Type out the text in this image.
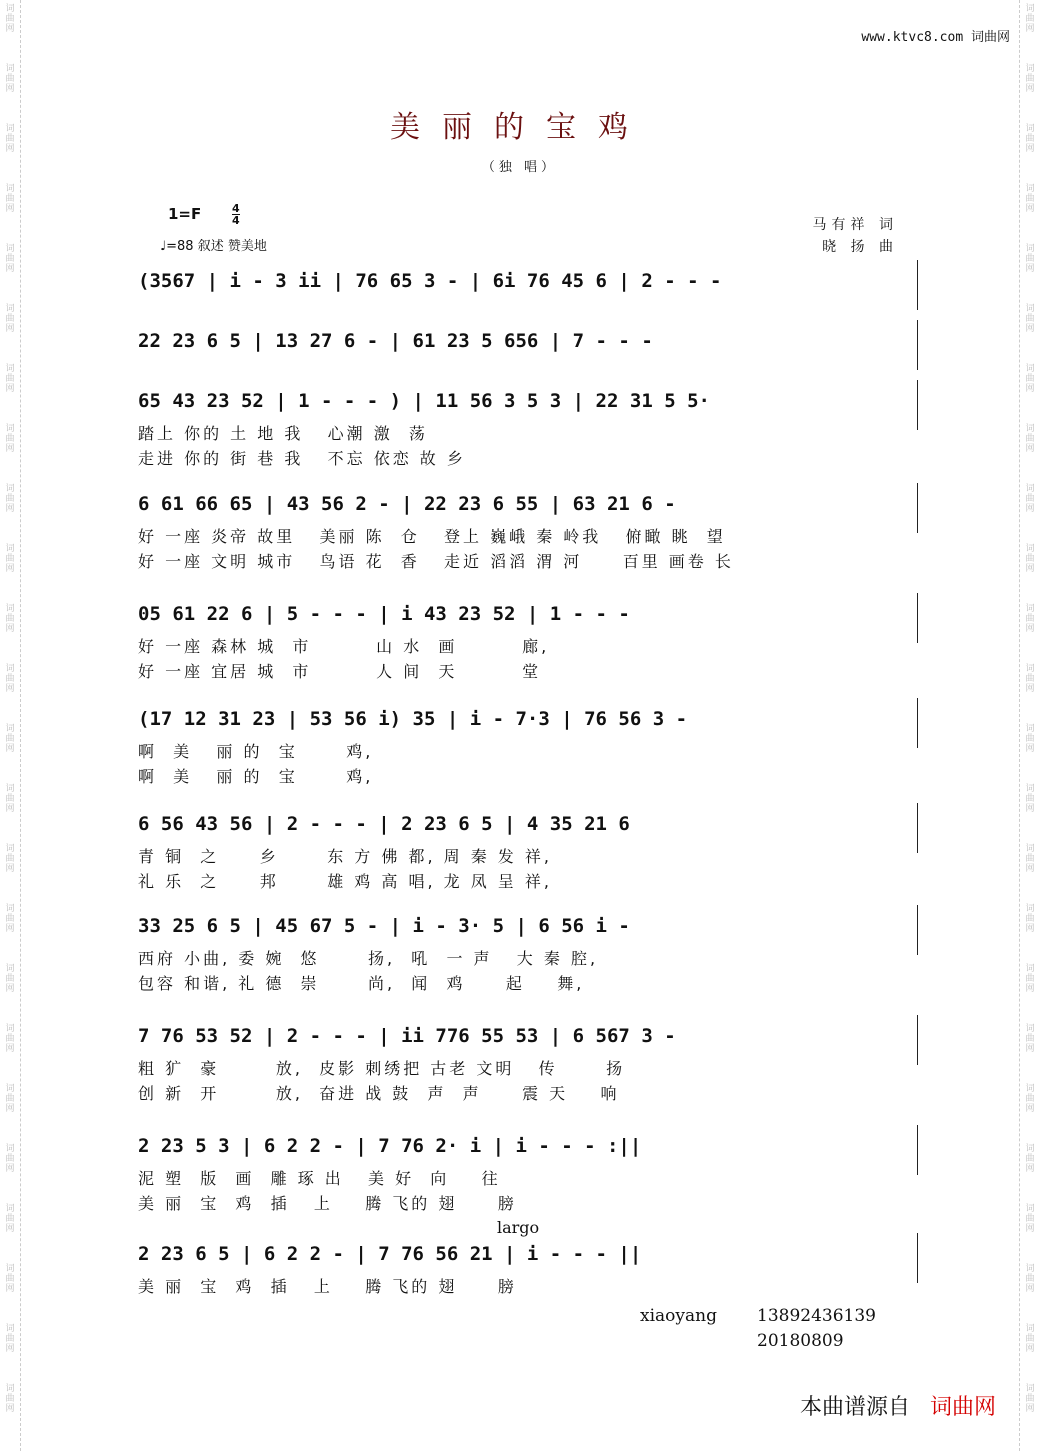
www.ktvc8.com 词曲网
美丽的宝鸡
（独 唱）
1=F	4
4
♩=88 叙述 赞美地
马有祥 词
晓 扬 曲
(3567 | i - 3 ii | 76 65 3 - | 6i 76 45 6 | 2 - - -
22 23 6 5 | 13 27 6 - | 61 23 5 656 | 7 - - -
65 43 23 52 | 1 - - - ) | 11 56 3 5 3 | 22 31 5 5·
踏上 你的 土 地 我   心潮 激  荡
走进 你的 街 巷 我   不忘 依恋 故 乡
6 61 66 65 | 43 56 2 - | 22 23 6 55 | 63 21 6 -
好 一座 炎帝 故里   美丽 陈  仓   登上 巍峨 秦 岭我   俯瞰 眺  望
好 一座 文明 城市   鸟语 花  香   走近 滔滔 渭 河     百里 画卷 长
05 61 22 6 | 5 - - - | i 43 23 52 | 1 - - -
好 一座 森林 城  市        山 水  画        廊,
好 一座 宜居 城  市        人 间  天        堂
(17 12 31 23 | 53 56 i) 35 | i - 7·3 | 76 56 3 -
啊  美   丽 的  宝      鸡,
啊  美   丽 的  宝      鸡,
6 56 43 56 | 2 - - - | 2 23 6 5 | 4 35 21 6
青 铜  之     乡      东 方 佛 都, 周 秦 发 祥,
礼 乐  之     邦      雄 鸡 高 唱, 龙 凤 呈 祥,
33 25 6 5 | 45 67 5 - | i - 3· 5 | 6 56 i -
西府 小曲, 委 婉  悠      扬,  吼  一 声   大 秦 腔,
包容 和谐, 礼 德  崇      尚,  闻  鸡     起    舞,
7 76 53 52 | 2 - - - | ii 776 55 53 | 6 567 3 -
粗 犷  豪       放,  皮影 刺绣把 古老 文明   传      扬
创 新  开       放,  奋进 战 鼓  声  声     震 天    响
2 23 5 3 | 6 2 2 - | 7 76 2· i | i - - - :||
泥 塑  版  画  雕 琢 出   美 好  向    往
美 丽  宝  鸡  插   上    腾 飞的 翅     膀
2 23 6 5 | 6 2 2 - | 7 76 56 21 | i - - - ||
美 丽  宝  鸡  插   上    腾 飞的 翅     膀
largo
xiaoyang 13892436139
20180809
本曲谱源自 词曲网
词曲网
词曲网
词曲网
词曲网
词曲网
词曲网
词曲网
词曲网
词曲网
词曲网
词曲网
词曲网
词曲网
词曲网
词曲网
词曲网
词曲网
词曲网
词曲网
词曲网
词曲网
词曲网
词曲网
词曲网
词曲网
词曲网
词曲网
词曲网
词曲网
词曲网
词曲网
词曲网
词曲网
词曲网
词曲网
词曲网
词曲网
词曲网
词曲网
词曲网
词曲网
词曲网
词曲网
词曲网
词曲网
词曲网
词曲网
词曲网
